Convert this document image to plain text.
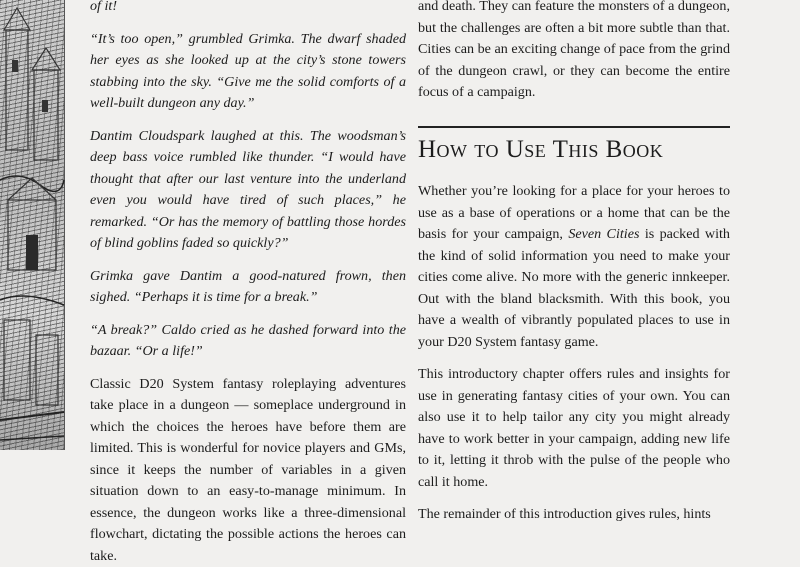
of it!

“It’s too open,” grumbled Grimka. The dwarf shaded her eyes as she looked up at the city’s stone towers stabbing into the sky. “Give me the solid comforts of a well-built dungeon any day.”

Dantim Cloudspark laughed at this. The woodsman’s deep bass voice rumbled like thunder. “I would have thought that after our last venture into the underland even you would have tired of such places,” he remarked. “Or has the memory of battling those hordes of blind goblins faded so quickly?”

Grimka gave Dantim a good-natured frown, then sighed. “Perhaps it is time for a break.”

“A break?” Caldo cried as he dashed forward into the bazaar. “Or a life!”

Classic D20 System fantasy roleplaying adventures take place in a dungeon — someplace underground in which the choices the heroes have before them are limited. This is wonderful for novice players and GMs, since it keeps the number of variables in a given situation down to an easy-to-manage minimum. In essence, the dungeon works like a three-dimensional flowchart, dictating the possible actions the heroes can take.

and death. They can feature the monsters of a dungeon, but the challenges are often a bit more subtle than that. Cities can be an exciting change of pace from the grind of the dungeon crawl, or they can become the entire focus of a campaign.

How to Use This Book

Whether you’re looking for a place for your heroes to use as a base of operations or a home that can be the basis for your campaign, Seven Cities is packed with the kind of solid information you need to make your cities come alive. No more with the generic innkeeper. Out with the bland blacksmith. With this book, you have a wealth of vibrantly populated places to use in your D20 System fantasy game.

This introductory chapter offers rules and insights for use in generating fantasy cities of your own. You can also use it to help tailor any city you might already have to work better in your campaign, adding new life to it, letting it throb with the pulse of the people who call it home.

The remainder of this introduction gives rules, hints
